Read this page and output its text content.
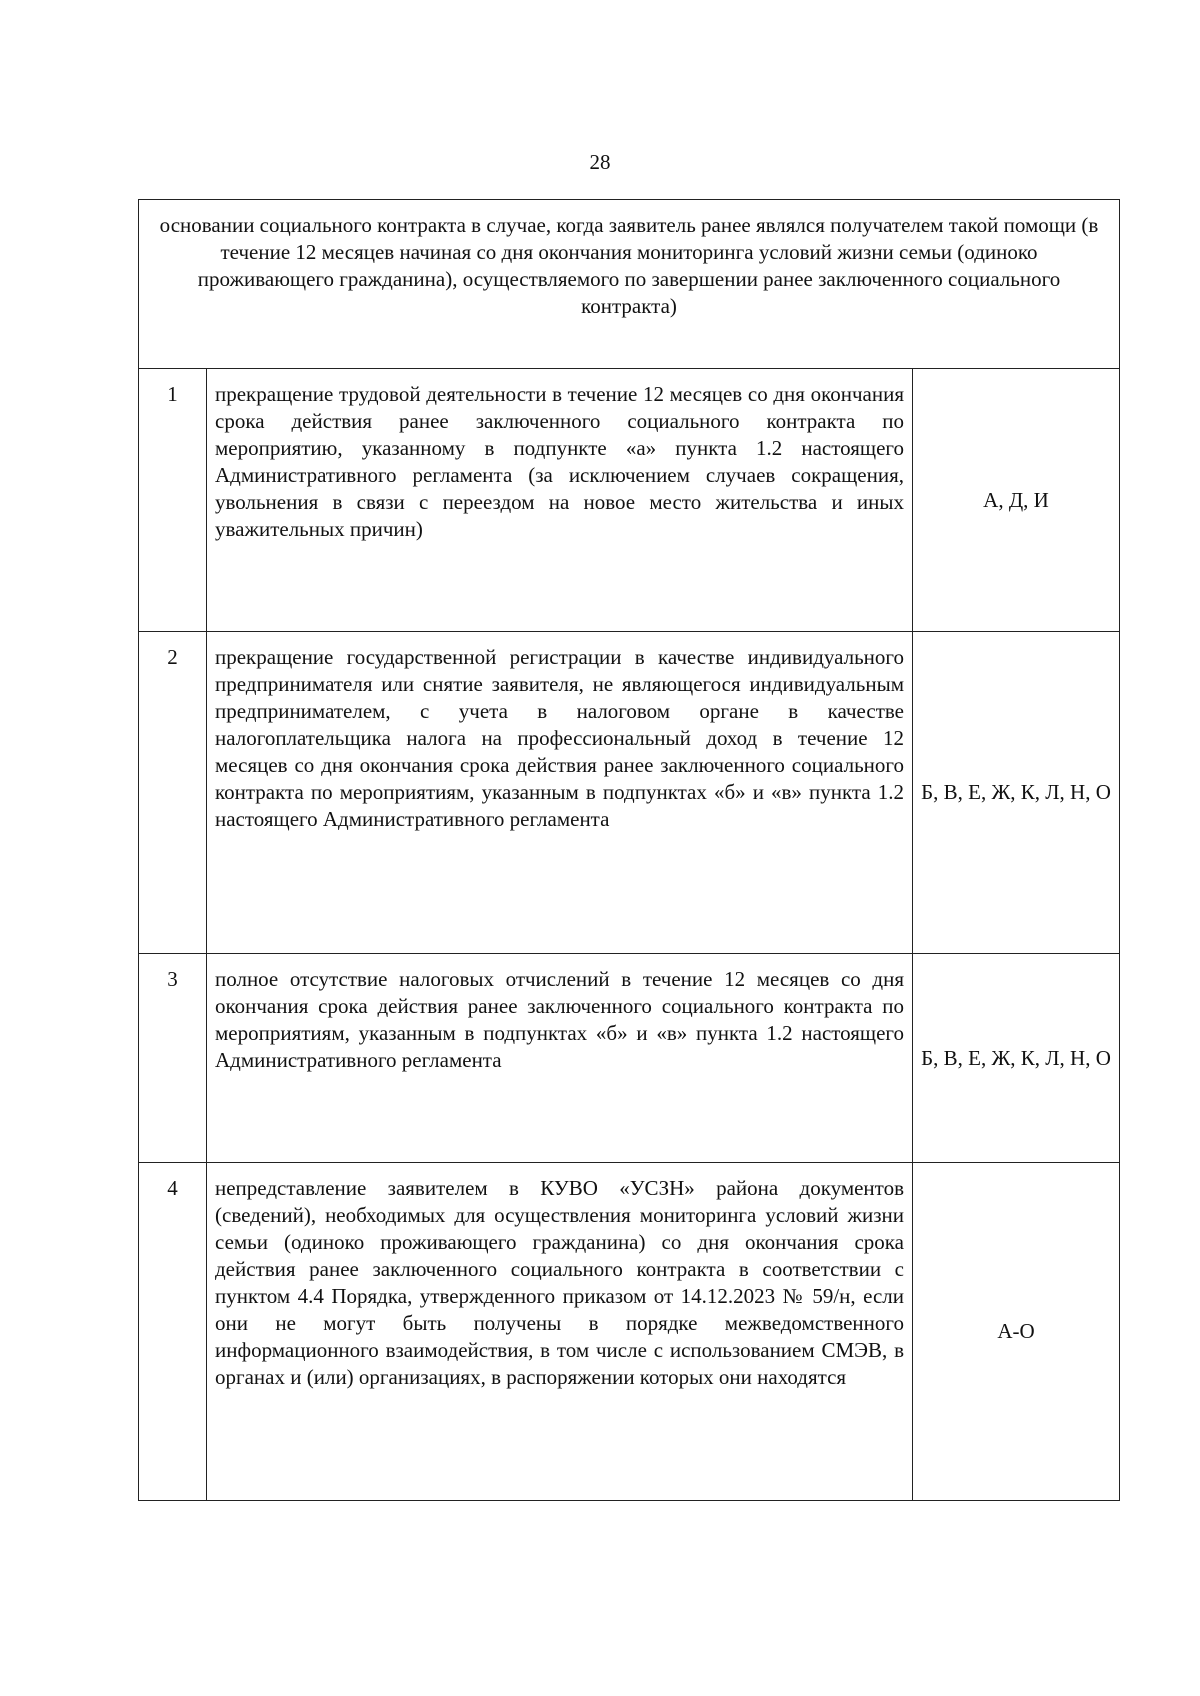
28
основании социального контракта в случае, когда заявитель ранее являлся получателем такой помощи (в течение 12 месяцев начиная со дня окончания мониторинга условий жизни семьи (одиноко проживающего гражданина), осуществляемого по завершении ранее заключенного социального контракта)		
1	прекращение трудовой деятельности в течение 12 месяцев со дня окончания срока действия ранее заключенного социального контракта по мероприятию, указанному в подпункте «а» пункта 1.2 настоящего Административного регламента (за исключением случаев сокращения, увольнения в связи с переездом на новое место жительства и иных уважительных причин)	А, Д, И
2	прекращение государственной регистрации в качестве индивидуального предпринимателя или снятие заявителя, не являющегося индивидуальным предпринимателем, с учета в налоговом органе в качестве налогоплательщика налога на профессиональный доход в течение 12 месяцев со дня окончания срока действия ранее заключенного социального контракта по мероприятиям, указанным в подпунктах «б» и «в» пункта 1.2 настоящего Административного регламента	Б, В, Е, Ж, К, Л, Н, О
3	полное отсутствие налоговых отчислений в течение 12 месяцев со дня окончания срока действия ранее заключенного социального контракта по мероприятиям, указанным в подпунктах «б» и «в» пункта 1.2 настоящего Административного регламента	Б, В, Е, Ж, К, Л, Н, О
4	непредставление заявителем в КУВО «УСЗН» района документов (сведений), необходимых для осуществления мониторинга условий жизни семьи (одиноко проживающего гражданина) со дня окончания срока действия ранее заключенного социального контракта в соответствии с пунктом 4.4 Порядка, утвержденного приказом от 14.12.2023 № 59/н, если они не могут быть получены в порядке межведомственного информационного взаимодействия, в том числе с использованием СМЭВ, в органах и (или) организациях, в распоряжении которых они находятся	А-О
